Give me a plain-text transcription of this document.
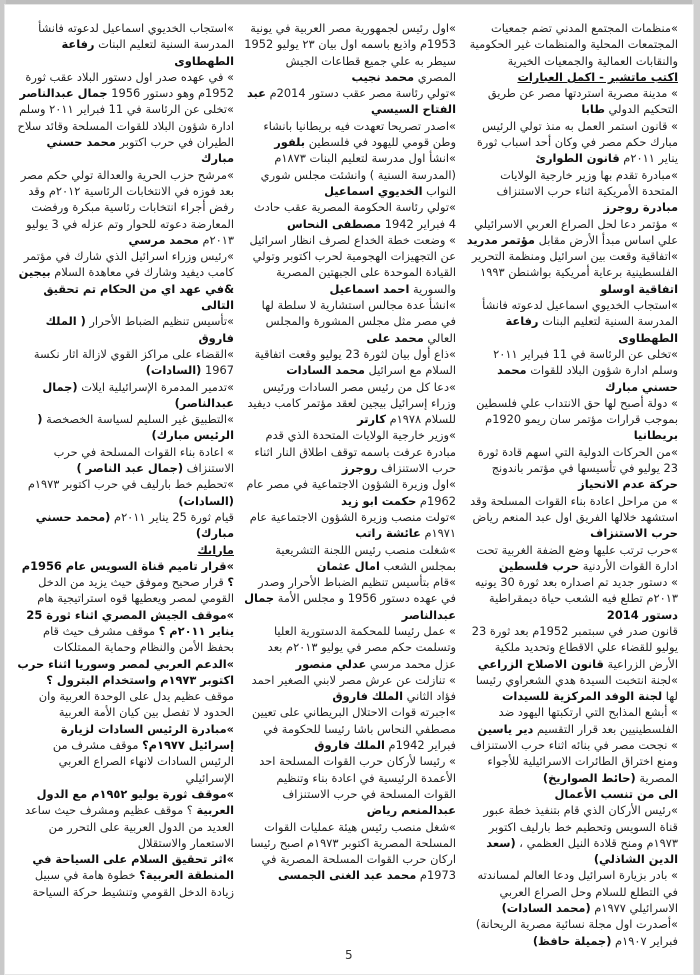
»منظمات المجتمع المدني تضم جمعيات المجتمعات المحلية والمنظمات غير الحكومية والنقابات العمالية والجمعيات الخيرية
اكتب ماتشير - اكمل العبارات
» مدينة مصرية استردتها مصر عن طريق التحكيم الدولي طابا
» قانون استمر العمل به منذ تولي الرئيس مبارك حكم مصر في وكان أحد اسباب ثورة يناير ٢٠١١م قانون الطوارئ
»مبادرة تقدم بها وزير خارجية الولايات المتحدة الأمريكية اثناء حرب الاستنزاف مبادرة روجرز
» مؤتمر دعا لحل الصراع العربي الاسرائيلي علي اساس مبدأ الأرض مقابل مؤتمر مدريد
»اتفاقية وقعت بين اسرائيل ومنظمة التحرير الفلسطينية برعاية أمريكية بواشنطن ١٩٩٣ اتفاقية اوسلو
»استجاب الخديوي اسماعيل لدعوته فانشأ المدرسة السنية لتعليم البنات رفاعة الطهطاوى
»تخلى عن الرئاسة في 11 فبراير ٢٠١١ وسلم ادارة شؤون البلاد للقوات محمد حسني مبارك
» دولة أصبح لها حق الانتداب علي فلسطين بموجب قرارات مؤتمر سان ريمو 1920م بريطانيا
»من الحركات الدولية التي اسهم قادة ثورة 23 يوليو في تأسيسها في مؤتمر باندونج حركة عدم الانحياز
» من مراحل اعادة بناء القوات المسلحة وقد استشهد خلالها الفريق اول عبد المنعم رياض حرب الاستنزاف
»حرب ترتب عليها وضع الضفة الغربية تحت ادارة القوات الأردنية حرب فلسطين
» دستور جديد تم اصداره بعد ثورة 30 يونيه ٢٠١٣م تطلع فيه الشعب حياة ديمقراطية دستور 2014
قانون صدر في سبتمبر 1952م بعد ثورة 23 يوليو للقضاء علي الاقطاع وتحديد ملكية الأرض الزراعية قانون الاصلاح الزراعي
»لجنة انتخبت السيدة هدي الشعراوي رئيسا لها لجنة الوفد المركزية للسيدات
» أبشع المذابح التي ارتكبتها اليهود ضد الفلسطينيين بعد قرار التقسيم دير ياسين
» نجحت مصر في بنائه اثناء حرب الاستنزاف ومنع اختراق الطائرات الاسرائيلية للأجواء المصرية (حائط الصواريخ)
الى من تنسب الأعمال
»رئيس الأركان الذي قام بتنفيذ خطة عبور قناة السويس وتحطيم خط بارليف اكتوبر ١٩٧٣م ومنح قلادة النيل العظمي ، (سعد الدين الشاذلي)
» بادر بزيارة اسرائيل ودعا العالم لمساندته في التطلع للسلام وحل الصراع العربي الاسرائيلي ١٩٧٧م (محمد السادات)
»أصدرت اول مجلة نسائية مصرية الريحانة) فبراير ١٩٠٧م (جميلة حافظ)
»اول رئيس لجمهورية مصر العربية في يونية 1953م واذيع باسمه اول بيان ٢٣ يوليو 1952 سيطر به علي جميع قطاعات الجيش المصري محمد نجيب
»تولي رئاسة مصر عقب دستور 2014م عبد الفتاح السيسي
»اصدر تصريحا تعهدت فيه بريطانيا بانشاء وطن قومي لليهود في فلسطين بلفور
»انشأ اول مدرسة لتعليم البنات ١٨٧٣م (المدرسة السنية ) وانشئت مجلس شوري النواب الخديوي اسماعيل
»تولي رئاسة الحكومة المصرية عقب حادث 4 فبراير 1942 مصطفى النحاس
» وضعت خطة الخداع لصرف انظار اسرائيل عن التجهيزات الهجومية لحرب اكتوبر وتولي القيادة الموحدة على الجبهتين المصرية والسورية احمد اسماعيل
»انشأ عدة مجالس استشارية لا سلطة لها في مصر مثل مجلس المشورة والمجلس العالي محمد على
»ذاع أول بيان لثورة 23 يوليو وقعت اتفاقية السلام مع اسرائيل محمد السادات
»دعا كل من رئيس مصر السادات ورئيس وزراء إسرائيل بيجين لعقد مؤتمر كامب ديفيد للسلام ١٩٧٨م كارتر
»وزير خارجية الولايات المتحدة الذي قدم مبادرة عرفت باسمه توقف اطلاق النار اثناء حرب الاستنزاف روجرز
»اول وزيرة الشؤون الاجتماعية في مصر عام 1962م حكمت ابو زيد
»تولت منصب وزيرة الشؤون الاجتماعية عام ١٩٧١م عائشة راتب
»شغلت منصب رئيس اللجنة التشريعية بمجلس الشعب امال عثمان
»قام بتأسيس تنظيم الضباط الأحرار وصدر في عهده دستور 1956 و مجلس الأمة جمال عبدالناصر
» عمل رئيسا للمحكمة الدستورية العليا وتسلمت حكم مصر في يوليو ٢٠١٣م بعد عزل محمد مرسي عدلي منصور
» تنازلت عن عرش مصر لابني الصغير احمد فؤاد الثاني الملك فاروق
»اجبرته قوات الاحتلال البريطاني على تعيين مصطفي النحاس باشا رئيسا للحكومة في فبراير 1942م الملك فاروق
» رئيسا لأركان حرب القوات المسلحة احد الأعمدة الرئيسية في اعادة بناء وتنظيم القوات المسلحة في حرب الاستنزاف عبدالمنعم رياض
»شغل منصب رئيس هيئة عمليات القوات المسلحة المصرية اكتوبر ١٩٧٣م اصبح رئيسا اركان حرب القوات المسلحة المصرية في 1973م محمد عبد الغنى الجمسى
»استجاب الخديوي اسماعيل لدعوته فانشأ المدرسة السنية لتعليم البنات رفاعة الطهطاوى
» في عهده صدر اول دستور البلاد عقب ثورة 1952م وهو دستور 1956 جمال عبدالناصر
»تخلى عن الرئاسة في 11 فبراير ٢٠١١ وسلم ادارة شؤون البلاد للقوات المسلحة وقائد سلاح الطيران في حرب اكتوبر محمد حسني مبارك
»مرشح حزب الحرية والعدالة تولي حكم مصر بعد فوزه في الانتخابات الرئاسية ٢٠١٢م وقد رفض أجراء انتخابات رئاسية مبكرة ورفضت المعارضة دعوته للحوار وتم عزله في 3 يوليو ٢٠١٣م محمد مرسي
»رئيس وزراء اسرائيل الذي شارك في مؤتمر كامب ديفيد وشارك في معاهدة السلام بيجين
&في عهد اي من الحكام تم تحقيق التالى
»تأسيس تنظيم الضباط الأحرار ( الملك فاروق
»القضاء على مراكز القوي لازالة اثار نكسة 1967 (السادات)
»تدمير المدمرة الإسرائيلية ايلات (جمال عبدالناصر)
»التطبيق غير السليم لسياسة الخصخصة ( الرئيس مبارك)
» اعادة بناء القوات المسلحة في حرب الاستنزاف (جمال عبد الناصر )
»تحطيم خط بارليف في حرب اكتوبر ١٩٧٣م (السادات)
قيام ثورة 25 يناير ٢٠١١م (محمد حسني مبارك)
ماراىك
»قرار تاميم قناة السويس عام 1956م ؟ قرار صحيح وموفق حيث يزيد من الدخل القومي لمصر ويعطيها قوه استراتيجية هام
»موقف الجيش المصري اثناء ثورة 25 يناير ٢٠١١م ؟ موقف مشرف حيث قام بحفظ الأمن والنظام وحماية الممتلكات
»الدعم العربي لمصر وسوريا اثناء حرب اكتوبر ١٩٧٣م واستخدام البترول ؟ موقف عظيم يدل على الوحدة العربية وان الحدود لا تفصل بين كيان الأمة العربية
»مبادرة الرئيس السادات لزيارة إسرائيل ١٩٧٧م؟ موقف مشرف من الرئيس السادات لانهاء الصراع العربي الإسرائيلي
»موقف ثورة يوليو ١٩٥٢م مع الدول العربية ؟ موقف عظيم ومشرف حيث ساعد العديد من الدول العربية على التحرر من الاستعمار والاستقلال
»اثر تحقيق السلام على السياحة في المنطقة العربية؟ خطوة هامة في سبيل زيادة الدخل القومي وتنشيط حركة السياحة
5
